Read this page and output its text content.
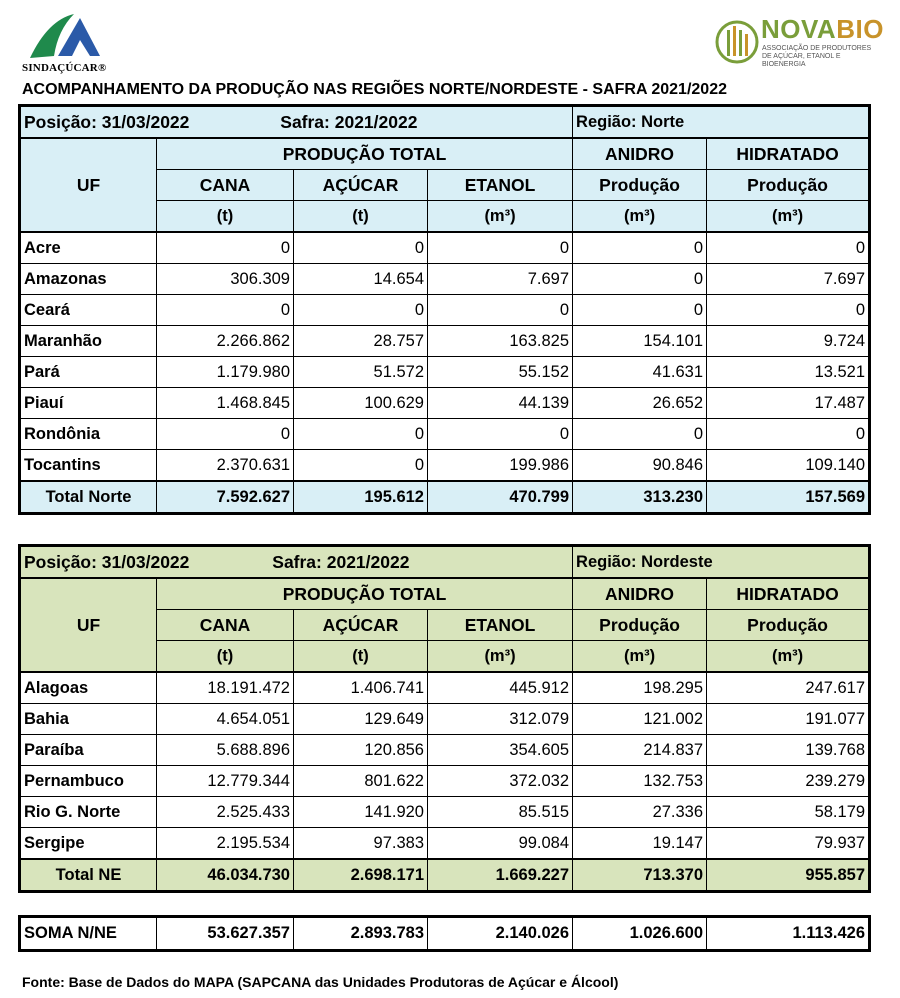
SINDAÇÚCAR®
NOVABIO
ASSOCIAÇÃO DE PRODUTORES DE AÇÚCAR, ETANOL E BIOENERGIA
ACOMPANHAMENTO DA PRODUÇÃO NAS REGIÕES NORTE/NORDESTE - SAFRA 2021/2022
Posição: 31/03/2022 Safra: 2021/2022				Região: Norte	
UF	PRODUÇÃO TOTAL			ANIDRO	HIDRATADO
	CANA	AÇÚCAR	ETANOL	Produção	Produção
	(t)	(t)	(m³)	(m³)	(m³)
Acre	0	0	0	0	0
Amazonas	306.309	14.654	7.697	0	7.697
Ceará	0	0	0	0	0
Maranhão	2.266.862	28.757	163.825	154.101	9.724
Pará	1.179.980	51.572	55.152	41.631	13.521
Piauí	1.468.845	100.629	44.139	26.652	17.487
Rondônia	0	0	0	0	0
Tocantins	2.370.631	0	199.986	90.846	109.140
Total Norte	7.592.627	195.612	470.799	313.230	157.569
Posição: 31/03/2022 Safra: 2021/2022				Região: Nordeste	
UF	PRODUÇÃO TOTAL			ANIDRO	HIDRATADO
	CANA	AÇÚCAR	ETANOL	Produção	Produção
	(t)	(t)	(m³)	(m³)	(m³)
Alagoas	18.191.472	1.406.741	445.912	198.295	247.617
Bahia	4.654.051	129.649	312.079	121.002	191.077
Paraíba	5.688.896	120.856	354.605	214.837	139.768
Pernambuco	12.779.344	801.622	372.032	132.753	239.279
Rio G. Norte	2.525.433	141.920	85.515	27.336	58.179
Sergipe	2.195.534	97.383	99.084	19.147	79.937
Total NE	46.034.730	2.698.171	1.669.227	713.370	955.857
SOMA N/NE	53.627.357	2.893.783	2.140.026	1.026.600	1.113.426
Fonte: Base de Dados do MAPA (SAPCANA das Unidades Produtoras de Açúcar e Álcool)
